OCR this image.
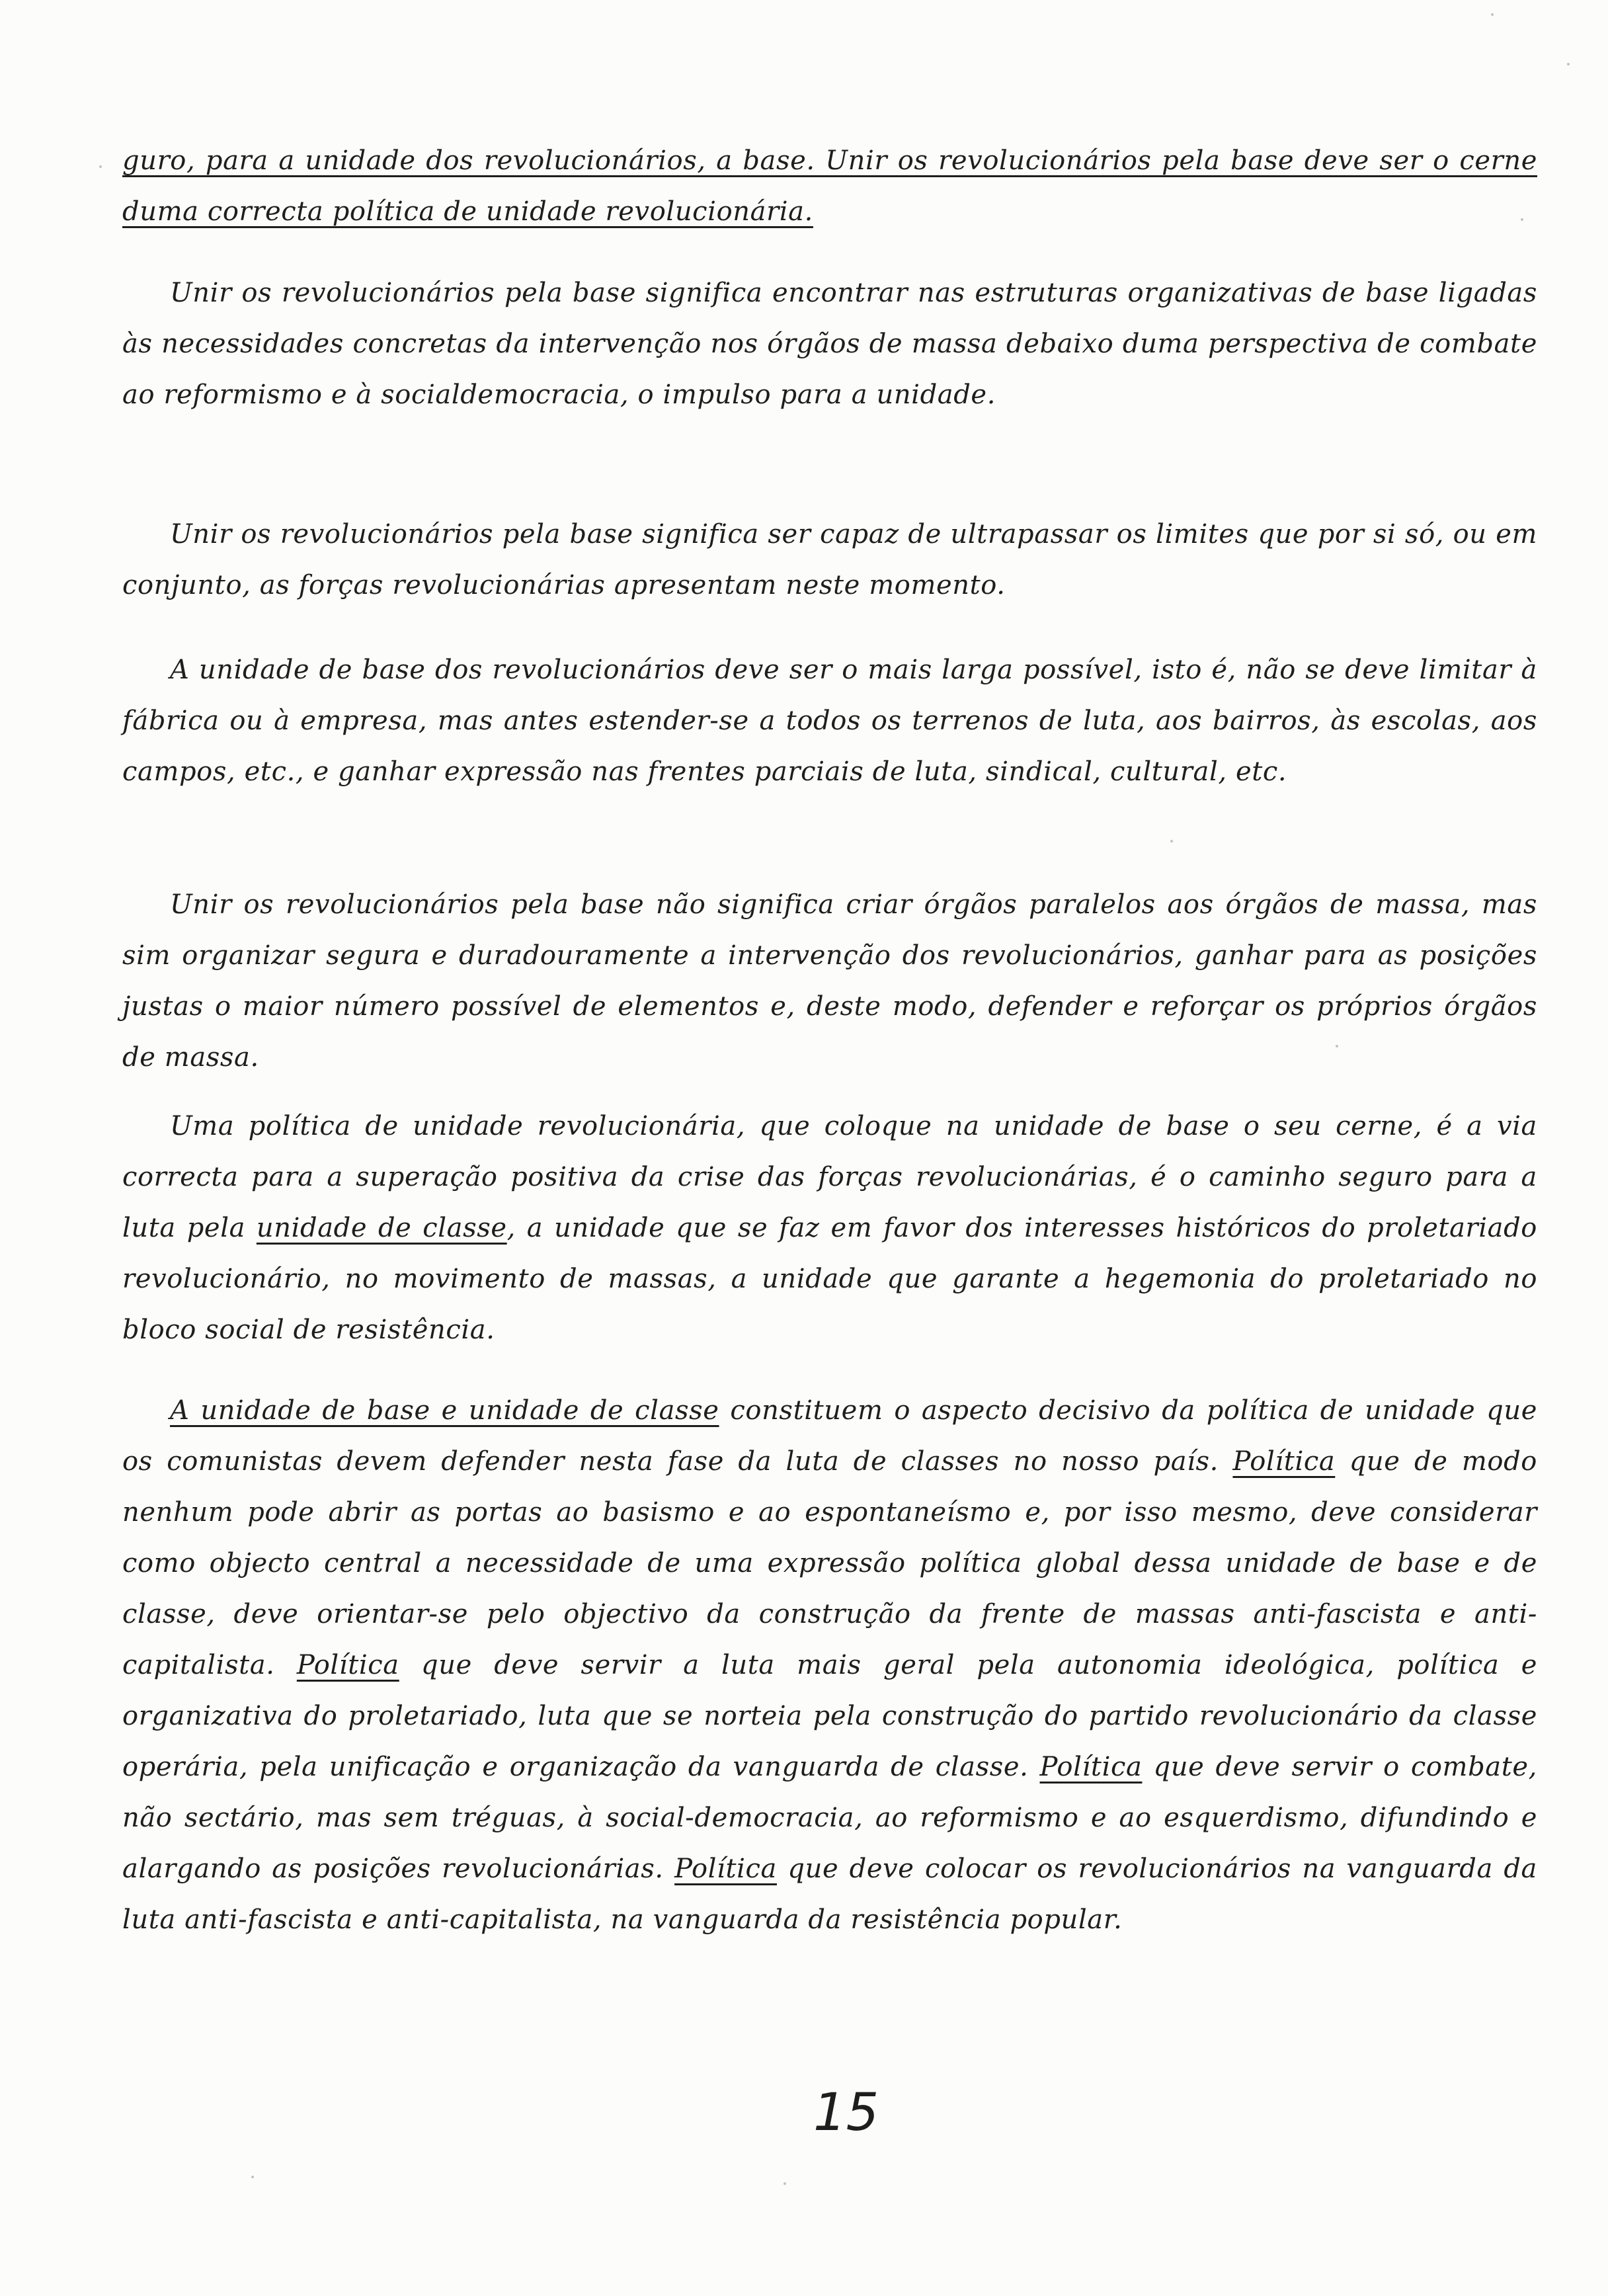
guro, para a unidade dos revolucionários, a base. Unir os revolucionários pela base deve ser o cerne duma correcta política de unidade revolucionária.

Unir os revolucionários pela base significa encontrar nas estruturas organizativas de base ligadas às necessidades concretas da intervenção nos órgãos de massa debaixo duma perspectiva de combate ao reformismo e à socialdemocracia, o impulso para a unidade.

Unir os revolucionários pela base significa ser capaz de ultrapassar os limites que por si só, ou em conjunto, as forças revolucionárias apresentam neste momento.

A unidade de base dos revolucionários deve ser o mais larga possível, isto é, não se deve limitar à fábrica ou à empresa, mas antes estender-se a todos os terrenos de luta, aos bairros, às escolas, aos campos, etc., e ganhar expressão nas frentes parciais de luta, sindical, cultural, etc.

Unir os revolucionários pela base não significa criar órgãos paralelos aos órgãos de massa, mas sim organizar segura e duradouramente a intervenção dos revolucionários, ganhar para as posições justas o maior número possível de elementos e, deste modo, defender e reforçar os próprios órgãos de massa.

Uma política de unidade revolucionária, que coloque na unidade de base o seu cerne, é a via correcta para a superação positiva da crise das forças revolucionárias, é o caminho seguro para a luta pela unidade de classe, a unidade que se faz em favor dos interesses históricos do proletariado revolucionário, no movimento de massas, a unidade que garante a hegemonia do proletariado no bloco social de resistência.

A unidade de base e unidade de classe constituem o aspecto decisivo da política de unidade que os comunistas devem defender nesta fase da luta de classes no nosso país. Política que de modo nenhum pode abrir as portas ao basismo e ao espontaneísmo e, por isso mesmo, deve considerar como objecto central a necessidade de uma expressão política global dessa unidade de base e de classe, deve orientar-se pelo objectivo da construção da frente de massas anti-fascista e anti-capitalista. Política que deve servir a luta mais geral pela autonomia ideológica, política e organizativa do proletariado, luta que se norteia pela construção do partido revolucionário da classe operária, pela unificação e organização da vanguarda de classe. Política que deve servir o combate, não sectário, mas sem tréguas, à social-democracia, ao reformismo e ao esquerdismo, difundindo e alargando as posições revolucionárias. Política que deve colocar os revolucionários na vanguarda da luta anti-fascista e anti-capitalista, na vanguarda da resistência popular.

15
